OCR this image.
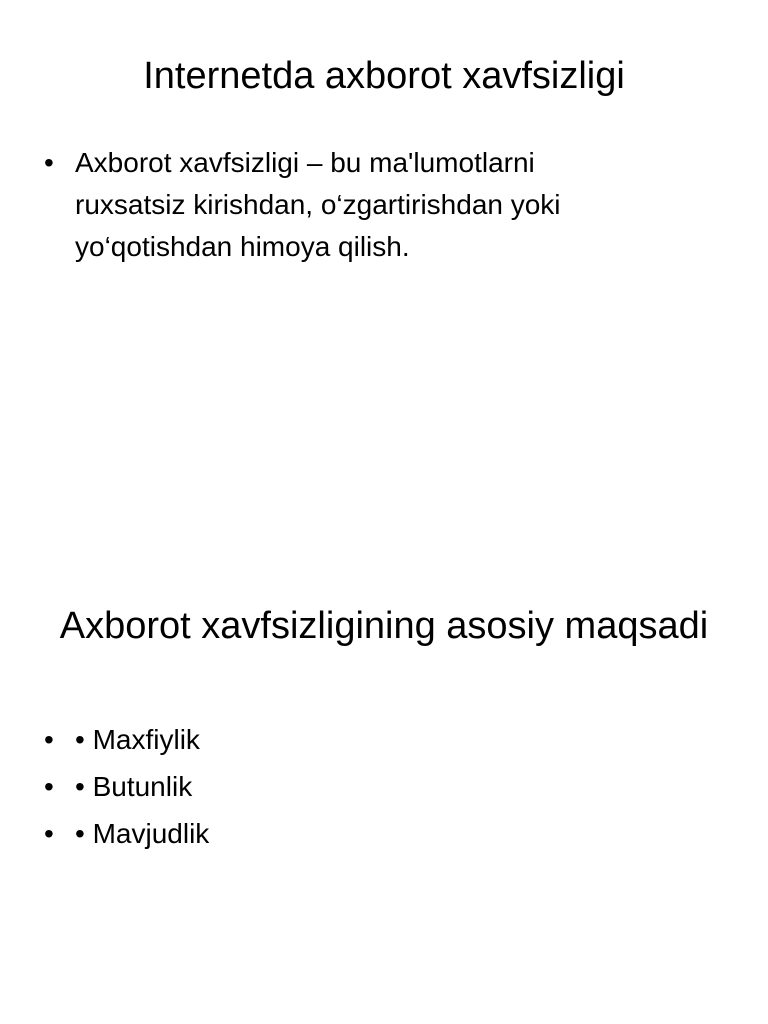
Internetda axborot xavfsizligi
• Axborot xavfsizligi – bu ma'lumotlarni ruxsatsiz kirishdan, o‘zgartirishdan yoki yo‘qotishdan himoya qilish.
Axborot xavfsizligining asosiy maqsadi
• • Maxfiylik
• • Butunlik
• • Mavjudlik
